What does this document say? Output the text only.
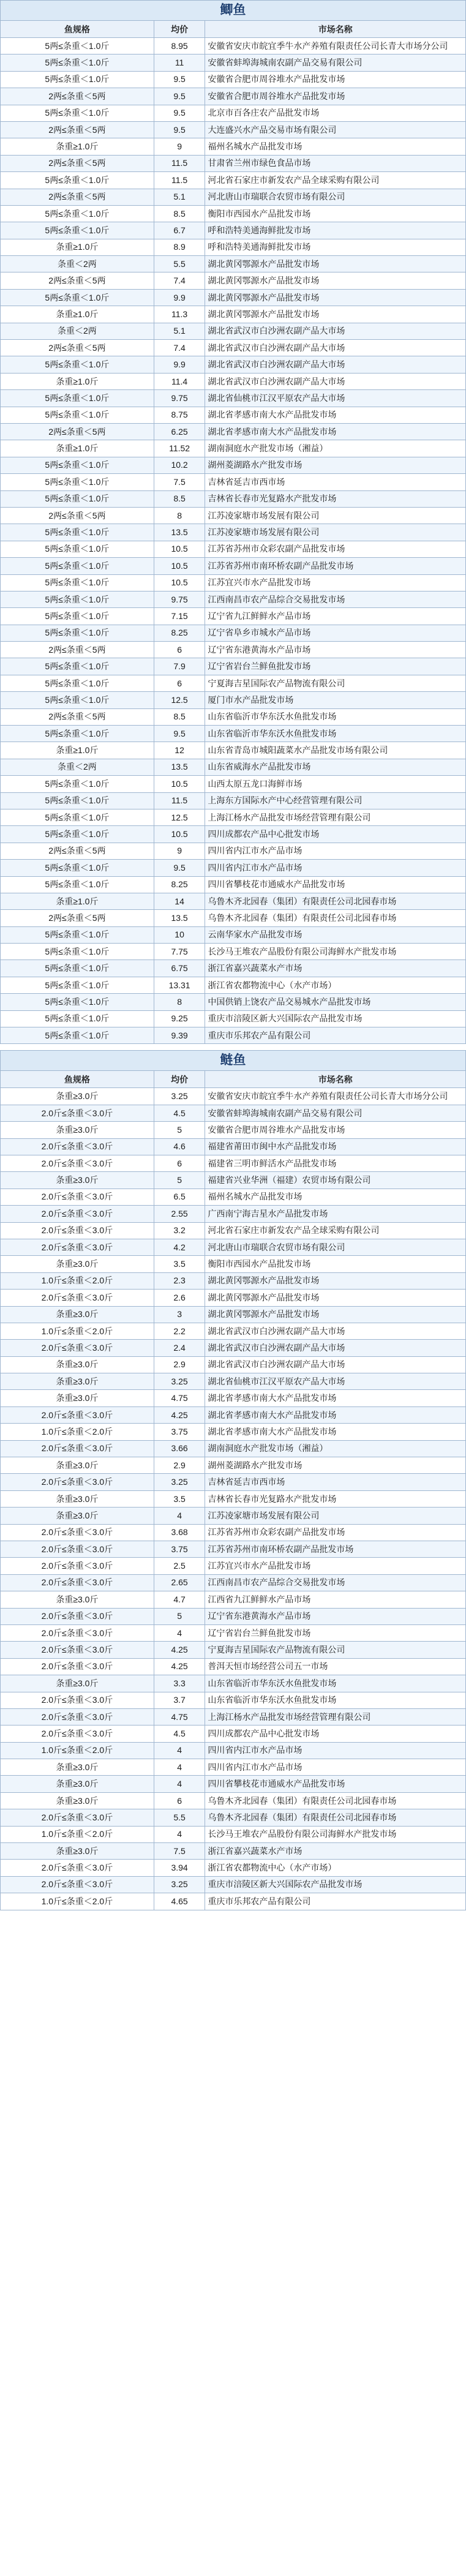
鲫鱼
鱼规格	均价	市场名称
5两≤条重＜1.0斤	8.95	安徽省安庆市皖宜季牛水产养殖有限责任公司长青大市场分公司
5两≤条重＜1.0斤	11	安徽省蚌埠海城南农副产品交易有限公司
5两≤条重＜1.0斤	9.5	安徽省合肥市周谷堆水产品批发市场
2两≤条重＜5两	9.5	安徽省合肥市周谷堆水产品批发市场
5两≤条重＜1.0斤	9.5	北京市百各庄农产品批发市场
2两≤条重＜5两	9.5	大连盛兴水产品交易市场有限公司
条重≥1.0斤	9	福州名城水产品批发市场
2两≤条重＜5两	11.5	甘肃省兰州市绿色食品市场
5两≤条重＜1.0斤	11.5	河北省石家庄市新发农产品全球采购有限公司
2两≤条重＜5两	5.1	河北唐山市瑞联合农贸市场有限公司
5两≤条重＜1.0斤	8.5	衡阳市西园水产品批发市场
5两≤条重＜1.0斤	6.7	呼和浩特美通海鲜批发市场
条重≥1.0斤	8.9	呼和浩特美通海鲜批发市场
条重＜2两	5.5	湖北黄冈鄂源水产品批发市场
2两≤条重＜5两	7.4	湖北黄冈鄂源水产品批发市场
5两≤条重＜1.0斤	9.9	湖北黄冈鄂源水产品批发市场
条重≥1.0斤	11.3	湖北黄冈鄂源水产品批发市场
条重＜2两	5.1	湖北省武汉市白沙洲农副产品大市场
2两≤条重＜5两	7.4	湖北省武汉市白沙洲农副产品大市场
5两≤条重＜1.0斤	9.9	湖北省武汉市白沙洲农副产品大市场
条重≥1.0斤	11.4	湖北省武汉市白沙洲农副产品大市场
5两≤条重＜1.0斤	9.75	湖北省仙桃市江汉平原农产品大市场
5两≤条重＜1.0斤	8.75	湖北省孝感市南大水产品批发市场
2两≤条重＜5两	6.25	湖北省孝感市南大水产品批发市场
条重≥1.0斤	11.52	湖南洞庭水产批发市场（湘益）
5两≤条重＜1.0斤	10.2	湖州菱湖路水产批发市场
5两≤条重＜1.0斤	7.5	吉林省延吉市西市场
5两≤条重＜1.0斤	8.5	吉林省长春市光复路水产批发市场
2两≤条重＜5两	8	江苏凌家塘市场发展有限公司
5两≤条重＜1.0斤	13.5	江苏凌家塘市场发展有限公司
5两≤条重＜1.0斤	10.5	江苏省苏州市众彩农副产品批发市场
5两≤条重＜1.0斤	10.5	江苏省苏州市南环桥农副产品批发市场
5两≤条重＜1.0斤	10.5	江苏宜兴市水产品批发市场
5两≤条重＜1.0斤	9.75	江西南昌市农产品综合交易批发市场
5两≤条重＜1.0斤	7.15	辽宁省九江鲜鲜水产品市场
5两≤条重＜1.0斤	8.25	辽宁省阜乡市城水产品市场
2两≤条重＜5两	6	辽宁省东港黄海水产品市场
5两≤条重＜1.0斤	7.9	辽宁省岩台兰鲜鱼批发市场
5两≤条重＜1.0斤	6	宁夏海吉星国际农产品物流有限公司
5两≤条重＜1.0斤	12.5	厦门市水产品批发市场
2两≤条重＜5两	8.5	山东省临沂市华东沃水鱼批发市场
5两≤条重＜1.0斤	9.5	山东省临沂市华东沃水鱼批发市场
条重≥1.0斤	12	山东省青岛市城阳蔬菜水产品批发市场有限公司
条重＜2两	13.5	山东省威海水产品批发市场
5两≤条重＜1.0斤	10.5	山西太原五龙口海鲜市场
5两≤条重＜1.0斤	11.5	上海东方国际水产中心经营管理有限公司
5两≤条重＜1.0斤	12.5	上海江杨水产品批发市场经营管理有限公司
5两≤条重＜1.0斤	10.5	四川成都农产品中心批发市场
2两≤条重＜5两	9	四川省内江市水产品市场
5两≤条重＜1.0斤	9.5	四川省内江市水产品市场
5两≤条重＜1.0斤	8.25	四川省攀枝花市通威水产品批发市场
条重≥1.0斤	14	乌鲁木齐北园春（集团）有限责任公司北园春市场
2两≤条重＜5两	13.5	乌鲁木齐北园春（集团）有限责任公司北园春市场
5两≤条重＜1.0斤	10	云南华家水产品批发市场
5两≤条重＜1.0斤	7.75	长沙马王堆农产品股份有限公司海鲜水产批发市场
5两≤条重＜1.0斤	6.75	浙江省嘉兴蔬菜水产市场
5两≤条重＜1.0斤	13.31	浙江省农都物流中心（水产市场）
5两≤条重＜1.0斤	8	中国供销上饶农产品交易城水产品批发市场
5两≤条重＜1.0斤	9.25	重庆市涪陵区新大兴国际农产品批发市场
5两≤条重＜1.0斤	9.39	重庆市乐邦农产品有限公司
鲢鱼
鱼规格	均价	市场名称
条重≥3.0斤	3.25	安徽省安庆市皖宜季牛水产养殖有限责任公司长青大市场分公司
2.0斤≤条重＜3.0斤	4.5	安徽省蚌埠海城南农副产品交易有限公司
条重≥3.0斤	5	安徽省合肥市周谷堆水产品批发市场
2.0斤≤条重＜3.0斤	4.6	福建省莆田市闽中水产品批发市场
2.0斤≤条重＜3.0斤	6	福建省三明市鲜活水产品批发市场
条重≥3.0斤	5	福建省兴业华洲（福建）农贸市场有限公司
2.0斤≤条重＜3.0斤	6.5	福州名城水产品批发市场
2.0斤≤条重＜3.0斤	2.55	广西南宁海吉星水产品批发市场
2.0斤≤条重＜3.0斤	3.2	河北省石家庄市新发农产品全球采购有限公司
2.0斤≤条重＜3.0斤	4.2	河北唐山市瑞联合农贸市场有限公司
条重≥3.0斤	3.5	衡阳市西园水产品批发市场
1.0斤≤条重＜2.0斤	2.3	湖北黄冈鄂源水产品批发市场
2.0斤≤条重＜3.0斤	2.6	湖北黄冈鄂源水产品批发市场
条重≥3.0斤	3	湖北黄冈鄂源水产品批发市场
1.0斤≤条重＜2.0斤	2.2	湖北省武汉市白沙洲农副产品大市场
2.0斤≤条重＜3.0斤	2.4	湖北省武汉市白沙洲农副产品大市场
条重≥3.0斤	2.9	湖北省武汉市白沙洲农副产品大市场
条重≥3.0斤	3.25	湖北省仙桃市江汉平原农产品大市场
条重≥3.0斤	4.75	湖北省孝感市南大水产品批发市场
2.0斤≤条重＜3.0斤	4.25	湖北省孝感市南大水产品批发市场
1.0斤≤条重＜2.0斤	3.75	湖北省孝感市南大水产品批发市场
2.0斤≤条重＜3.0斤	3.66	湖南洞庭水产批发市场（湘益）
条重≥3.0斤	2.9	湖州菱湖路水产批发市场
2.0斤≤条重＜3.0斤	3.25	吉林省延吉市西市场
条重≥3.0斤	3.5	吉林省长春市光复路水产批发市场
条重≥3.0斤	4	江苏凌家塘市场发展有限公司
2.0斤≤条重＜3.0斤	3.68	江苏省苏州市众彩农副产品批发市场
2.0斤≤条重＜3.0斤	3.75	江苏省苏州市南环桥农副产品批发市场
2.0斤≤条重＜3.0斤	2.5	江苏宜兴市水产品批发市场
2.0斤≤条重＜3.0斤	2.65	江西南昌市农产品综合交易批发市场
条重≥3.0斤	4.7	江西省九江鲜鲜水产品市场
2.0斤≤条重＜3.0斤	5	辽宁省东港黄海水产品市场
2.0斤≤条重＜3.0斤	4	辽宁省岩台兰鲜鱼批发市场
2.0斤≤条重＜3.0斤	4.25	宁夏海吉星国际农产品物流有限公司
2.0斤≤条重＜3.0斤	4.25	普洱天恒市场经营公司五一市场
条重≥3.0斤	3.3	山东省临沂市华东沃水鱼批发市场
2.0斤≤条重＜3.0斤	3.7	山东省临沂市华东沃水鱼批发市场
2.0斤≤条重＜3.0斤	4.75	上海江杨水产品批发市场经营管理有限公司
2.0斤≤条重＜3.0斤	4.5	四川成都农产品中心批发市场
1.0斤≤条重＜2.0斤	4	四川省内江市水产品市场
条重≥3.0斤	4	四川省内江市水产品市场
条重≥3.0斤	4	四川省攀枝花市通威水产品批发市场
条重≥3.0斤	6	乌鲁木齐北园春（集团）有限责任公司北园春市场
2.0斤≤条重＜3.0斤	5.5	乌鲁木齐北园春（集团）有限责任公司北园春市场
1.0斤≤条重＜2.0斤	4	长沙马王堆农产品股份有限公司海鲜水产批发市场
条重≥3.0斤	7.5	浙江省嘉兴蔬菜水产市场
2.0斤≤条重＜3.0斤	3.94	浙江省农都物流中心（水产市场）
2.0斤≤条重＜3.0斤	3.25	重庆市涪陵区新大兴国际农产品批发市场
1.0斤≤条重＜2.0斤	4.65	重庆市乐邦农产品有限公司
